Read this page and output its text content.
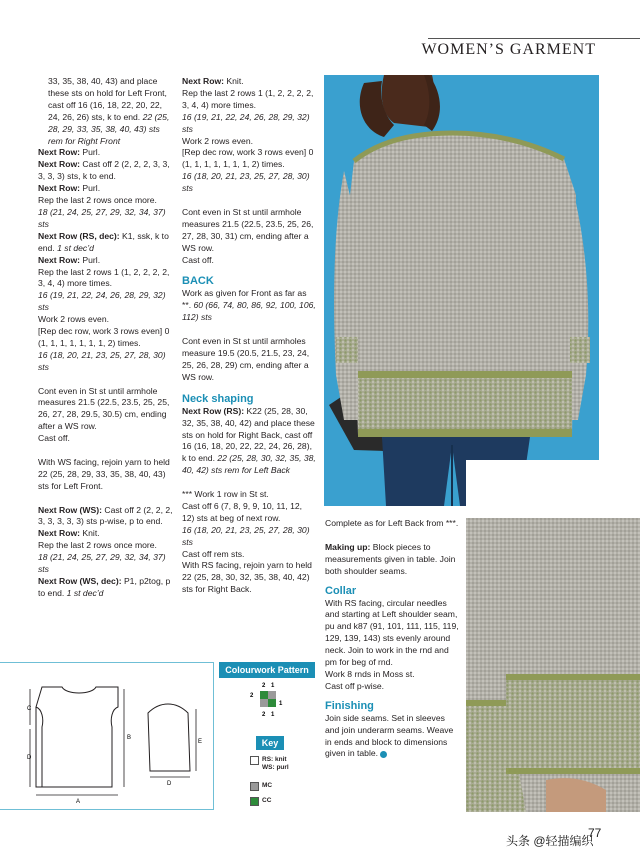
WOMEN’S GARMENT

33, 35, 38, 40, 43) and place these sts on hold for Left Front, cast off 16 (16, 18, 22, 20, 22, 24, 26, 26) sts, k to end. 22 (25, 28, 29, 33, 35, 38, 40, 43) sts rem for Right Front

Next Row: Purl.
Next Row: Cast off 2 (2, 2, 2, 3, 3, 3, 3, 3) sts, k to end.
Next Row: Purl.
Rep the last 2 rows once more.
18 (21, 24, 25, 27, 29, 32, 34, 37) sts
Next Row (RS, dec): K1, ssk, k to end. 1 st dec’d
Next Row: Purl.
Rep the last 2 rows 1 (1, 2, 2, 2, 2, 3, 4, 4) more times.
16 (19, 21, 22, 24, 26, 28, 29, 32) sts
Work 2 rows even.
[Rep dec row, work 3 rows even] 0 (1, 1, 1, 1, 1, 1, 1, 2) times.
16 (18, 20, 21, 23, 25, 27, 28, 30) sts
Cont even in St st until armhole measures 21.5 (22.5, 23.5, 25, 25, 26, 27, 28, 29.5, 30.5) cm, ending after a WS row.
Cast off.
With WS facing, rejoin yarn to held 22 (25, 28, 29, 33, 35, 38, 40, 43) sts for Left Front.
Next Row (WS): Cast off 2 (2, 2, 2, 3, 3, 3, 3, 3) sts p-wise, p to end.
Next Row: Knit.
Rep the last 2 rows once more.
18 (21, 24, 25, 27, 29, 32, 34, 37) sts
Next Row (WS, dec): P1, p2tog, p to end. 1 st dec’d
Next Row: Knit.
Rep the last 2 rows 1 (1, 2, 2, 2, 2, 3, 4, 4) more times.
16 (19, 21, 22, 24, 26, 28, 29, 32) sts
Work 2 rows even.
[Rep dec row, work 3 rows even] 0 (1, 1, 1, 1, 1, 1, 1, 2) times.
16 (18, 20, 21, 23, 25, 27, 28, 30) sts
Cont even in St st until armhole measures 21.5 (22.5, 23.5, 25, 26, 27, 28, 30, 31) cm, ending after a WS row.
Cast off.
BACK
Work as given for Front as far as **. 60 (66, 74, 80, 86, 92, 100, 106, 112) sts
Cont even in St st until armholes measure 19.5 (20.5, 21.5, 23, 24, 25, 26, 28, 29) cm, ending after a WS row.
Neck shaping
Next Row (RS): K22 (25, 28, 30, 32, 35, 38, 40, 42) and place these sts on hold for Right Back, cast off 16 (16, 18, 20, 22, 22, 24, 26, 28), k to end. 22 (25, 28, 30, 32, 35, 38, 40, 42) sts rem for Left Back
*** Work 1 row in St st.
Cast off 6 (7, 8, 9, 9, 10, 11, 12, 12) sts at beg of next row.
16 (18, 20, 21, 23, 25, 27, 28, 30) sts
Cast off rem sts.
With RS facing, rejoin yarn to held 22 (25, 28, 30, 32, 35, 38, 40, 42) sts for Right Back.
Complete as for Left Back from ***.
Making up: Block pieces to measurements given in table. Join both shoulder seams.
Collar
With RS facing, circular needles and starting at Left shoulder seam, pu and k87 (91, 101, 111, 115, 119, 129, 139, 143) sts evenly around neck. Join to work in the rnd and pm for beg of rnd.
Work 8 rnds in Moss st.
Cast off p-wise.
Finishing
Join side seams. Set in sleeves and join underarm seams. Weave in ends and block to dimensions given in table.
A
C
D
B
E
D
Colourwork Pattern
2 1
2
1
2 1
Key
RS: knit
WS: purl
MC
CC
头条 @轻描编织
77
